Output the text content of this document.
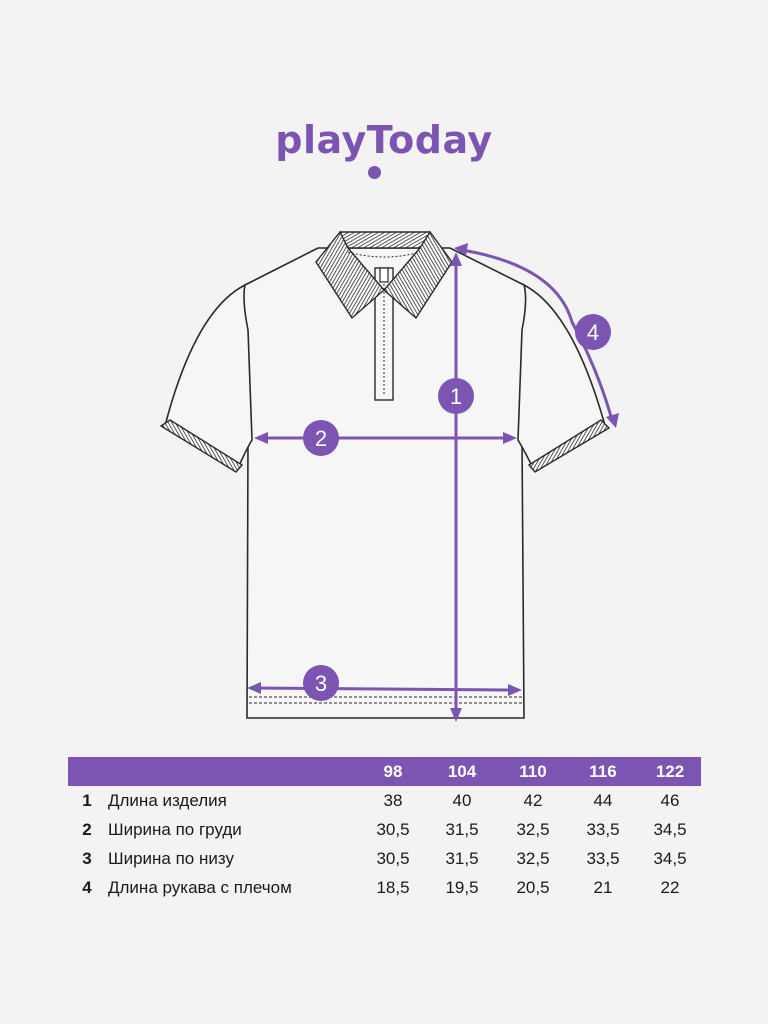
playToday
1
2
3
4
		98	104	110	116	122
1	Длина изделия	38	40	42	44	46
2	Ширина по груди	30,5	31,5	32,5	33,5	34,5
3	Ширина по низу	30,5	31,5	32,5	33,5	34,5
4	Длина рукава с плечом	18,5	19,5	20,5	21	22
